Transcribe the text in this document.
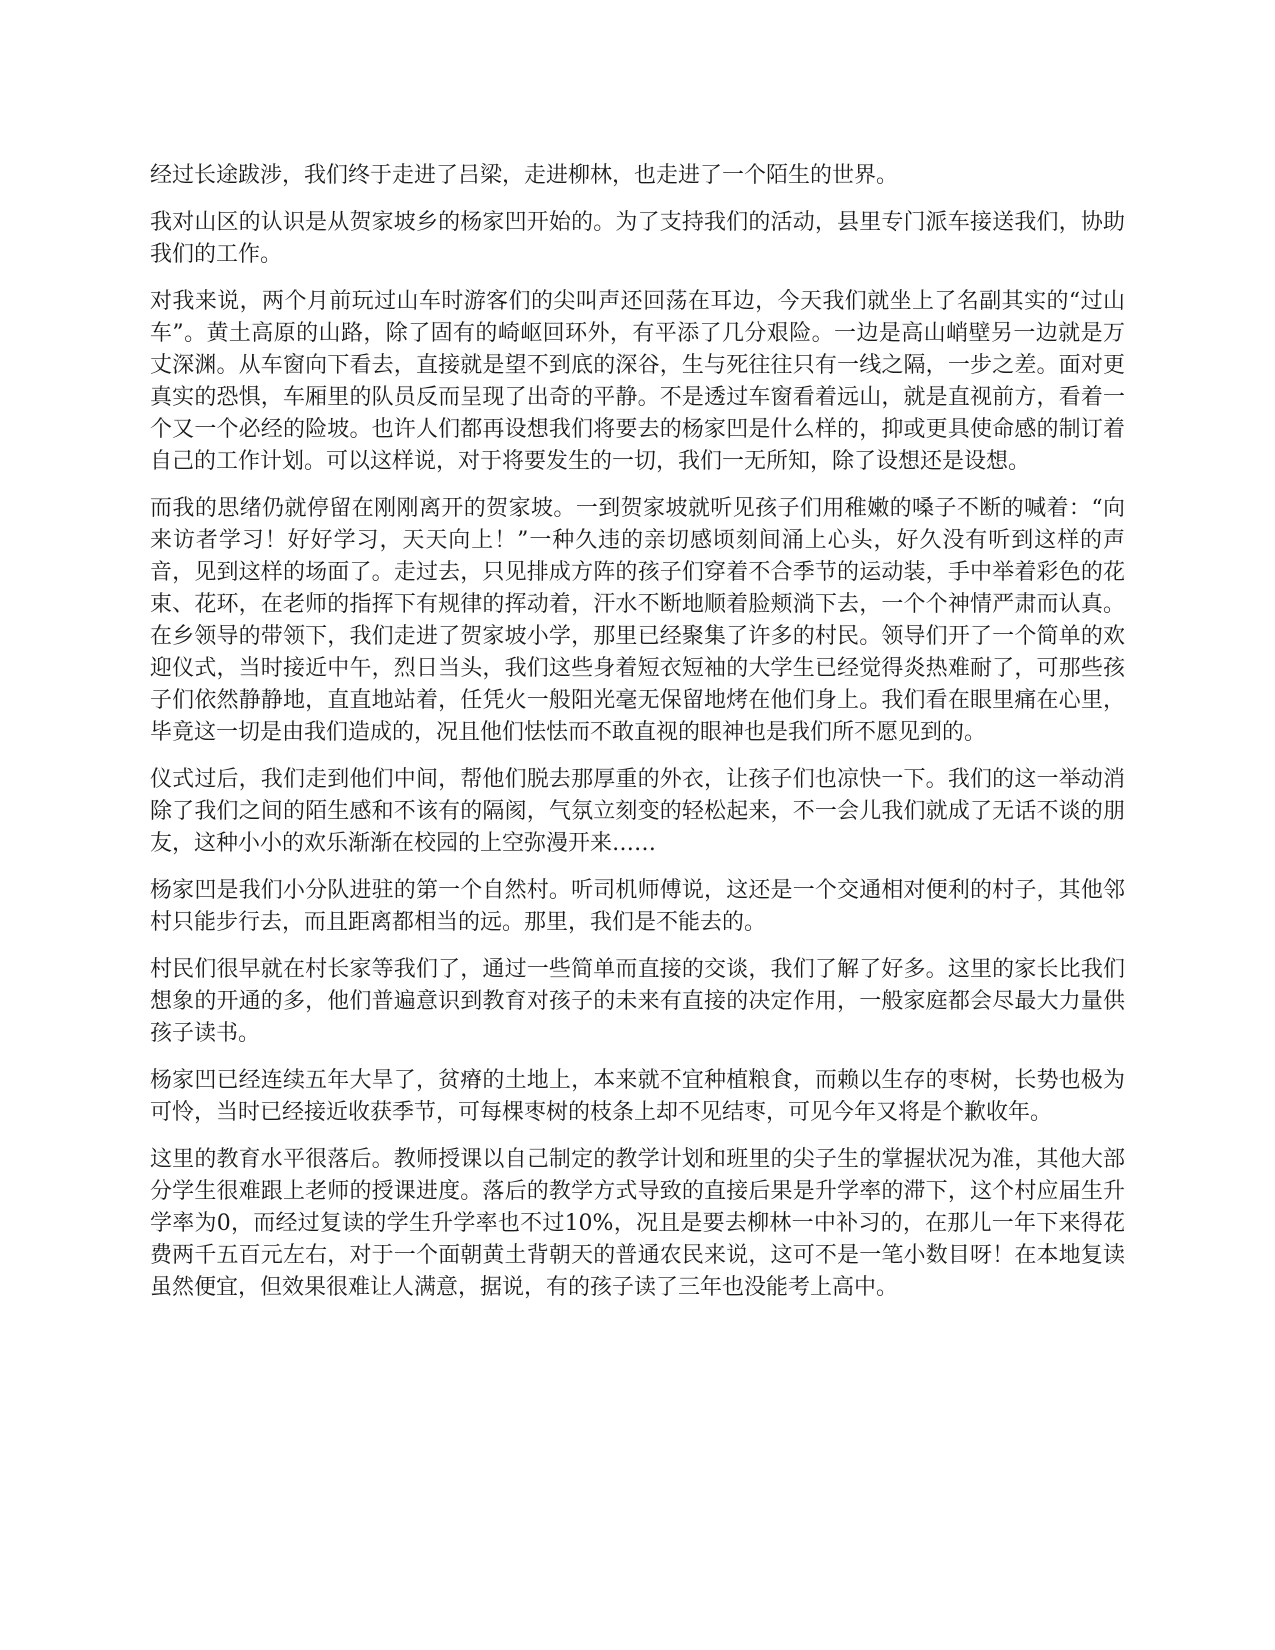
经过长途跋涉，我们终于走进了吕梁，走进柳林，也走进了一个陌生的世界。

我对山区的认识是从贺家坡乡的杨家凹开始的。为了支持我们的活动，县里专门派车接送我们，协助我们的工作。

对我来说，两个月前玩过山车时游客们的尖叫声还回荡在耳边，今天我们就坐上了名副其实的“过山车”。黄土高原的山路，除了固有的崎岖回环外，有平添了几分艰险。一边是高山峭壁另一边就是万丈深渊。从车窗向下看去，直接就是望不到底的深谷，生与死往往只有一线之隔，一步之差。面对更真实的恐惧，车厢里的队员反而呈现了出奇的平静。不是透过车窗看着远山，就是直视前方，看着一个又一个必经的险坡。也许人们都再设想我们将要去的杨家凹是什么样的，抑或更具使命感的制订着自己的工作计划。可以这样说，对于将要发生的一切，我们一无所知，除了设想还是设想。

而我的思绪仍就停留在刚刚离开的贺家坡。一到贺家坡就听见孩子们用稚嫩的嗓子不断的喊着：“向来访者学习！好好学习，天天向上！”一种久违的亲切感顷刻间涌上心头，好久没有听到这样的声音，见到这样的场面了。走过去，只见排成方阵的孩子们穿着不合季节的运动装，手中举着彩色的花束、花环，在老师的指挥下有规律的挥动着，汗水不断地顺着脸颊淌下去，一个个神情严肃而认真。在乡领导的带领下，我们走进了贺家坡小学，那里已经聚集了许多的村民。领导们开了一个简单的欢迎仪式，当时接近中午，烈日当头，我们这些身着短衣短袖的大学生已经觉得炎热难耐了，可那些孩子们依然静静地，直直地站着，任凭火一般阳光毫无保留地烤在他们身上。我们看在眼里痛在心里，毕竟这一切是由我们造成的，况且他们怯怯而不敢直视的眼神也是我们所不愿见到的。

仪式过后，我们走到他们中间，帮他们脱去那厚重的外衣，让孩子们也凉快一下。我们的这一举动消除了我们之间的陌生感和不该有的隔阂，气氛立刻变的轻松起来，不一会儿我们就成了无话不谈的朋友，这种小小的欢乐渐渐在校园的上空弥漫开来……

杨家凹是我们小分队进驻的第一个自然村。听司机师傅说，这还是一个交通相对便利的村子，其他邻村只能步行去，而且距离都相当的远。那里，我们是不能去的。

村民们很早就在村长家等我们了，通过一些简单而直接的交谈，我们了解了好多。这里的家长比我们想象的开通的多，他们普遍意识到教育对孩子的未来有直接的决定作用，一般家庭都会尽最大力量供孩子读书。

杨家凹已经连续五年大旱了，贫瘠的土地上，本来就不宜种植粮食，而赖以生存的枣树，长势也极为可怜，当时已经接近收获季节，可每棵枣树的枝条上却不见结枣，可见今年又将是个歉收年。

这里的教育水平很落后。教师授课以自己制定的教学计划和班里的尖子生的掌握状况为准，其他大部分学生很难跟上老师的授课进度。落后的教学方式导致的直接后果是升学率的滞下，这个村应届生升学率为0，而经过复读的学生升学率也不过10%，况且是要去柳林一中补习的，在那儿一年下来得花费两千五百元左右，对于一个面朝黄土背朝天的普通农民来说，这可不是一笔小数目呀！在本地复读虽然便宜，但效果很难让人满意，据说，有的孩子读了三年也没能考上高中。
